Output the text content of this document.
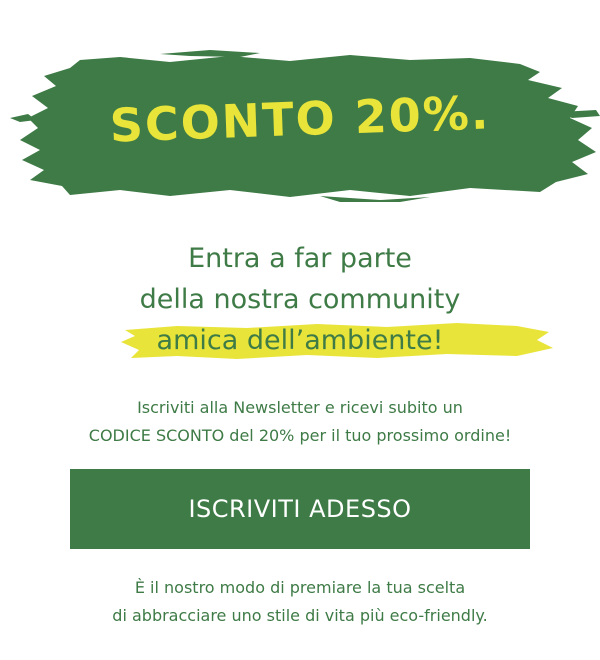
SCONTO 20%.
Entra a far parte
della nostra community
amica dell’ambiente!
Iscriviti alla Newsletter e ricevi subito un
CODICE SCONTO del 20% per il tuo prossimo ordine!
ISCRIVITI ADESSO
È il nostro modo di premiare la tua scelta
di abbracciare uno stile di vita più eco-friendly.
